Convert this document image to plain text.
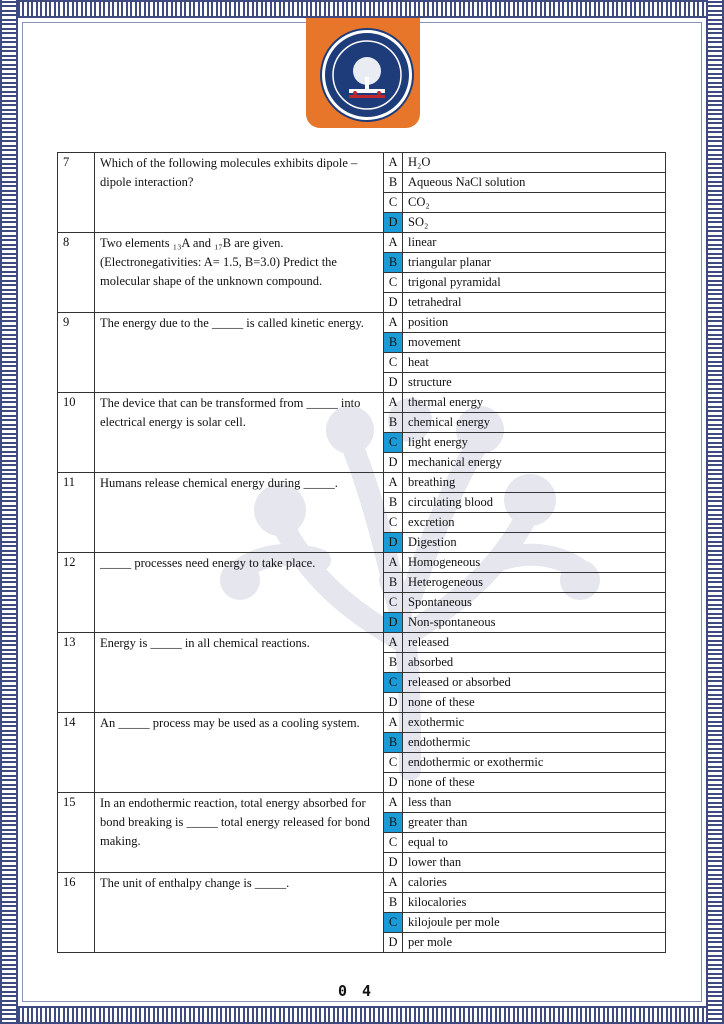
7	Which of the following molecules exhibits dipole – dipole interaction?	A	H₂O
		B	Aqueous NaCl solution
		C	CO₂
		D	SO₂
8	Two elements ₁₃A and ₁₇B are given. (Electronegativities: A= 1.5, B=3.0) Predict the molecular shape of the unknown compound.	A	linear
		B	triangular planar
		C	trigonal pyramidal
		D	tetrahedral
9	The energy due to the _____ is called kinetic energy.	A	position
		B	movement
		C	heat
		D	structure
10	The device that can be transformed from _____ into electrical energy is solar cell.	A	thermal energy
		B	chemical energy
		C	light energy
		D	mechanical energy
11	Humans release chemical energy during _____.	A	breathing
		B	circulating blood
		C	excretion
		D	Digestion
12	_____ processes need energy to take place.	A	Homogeneous
		B	Heterogeneous
		C	Spontaneous
		D	Non-spontaneous
13	Energy is _____ in all chemical reactions.	A	released
		B	absorbed
		C	released or absorbed
		D	none of these
14	An _____ process may be used as a cooling system.	A	exothermic
		B	endothermic
		C	endothermic or exothermic
		D	none of these
15	In an endothermic reaction, total energy absorbed for bond breaking is _____ total energy released for bond making.	A	less than
		B	greater than
		C	equal to
		D	lower than
16	The unit of enthalpy change is _____.	A	calories
		B	kilocalories
		C	kilojoule per mole
		D	per mole
0 4
